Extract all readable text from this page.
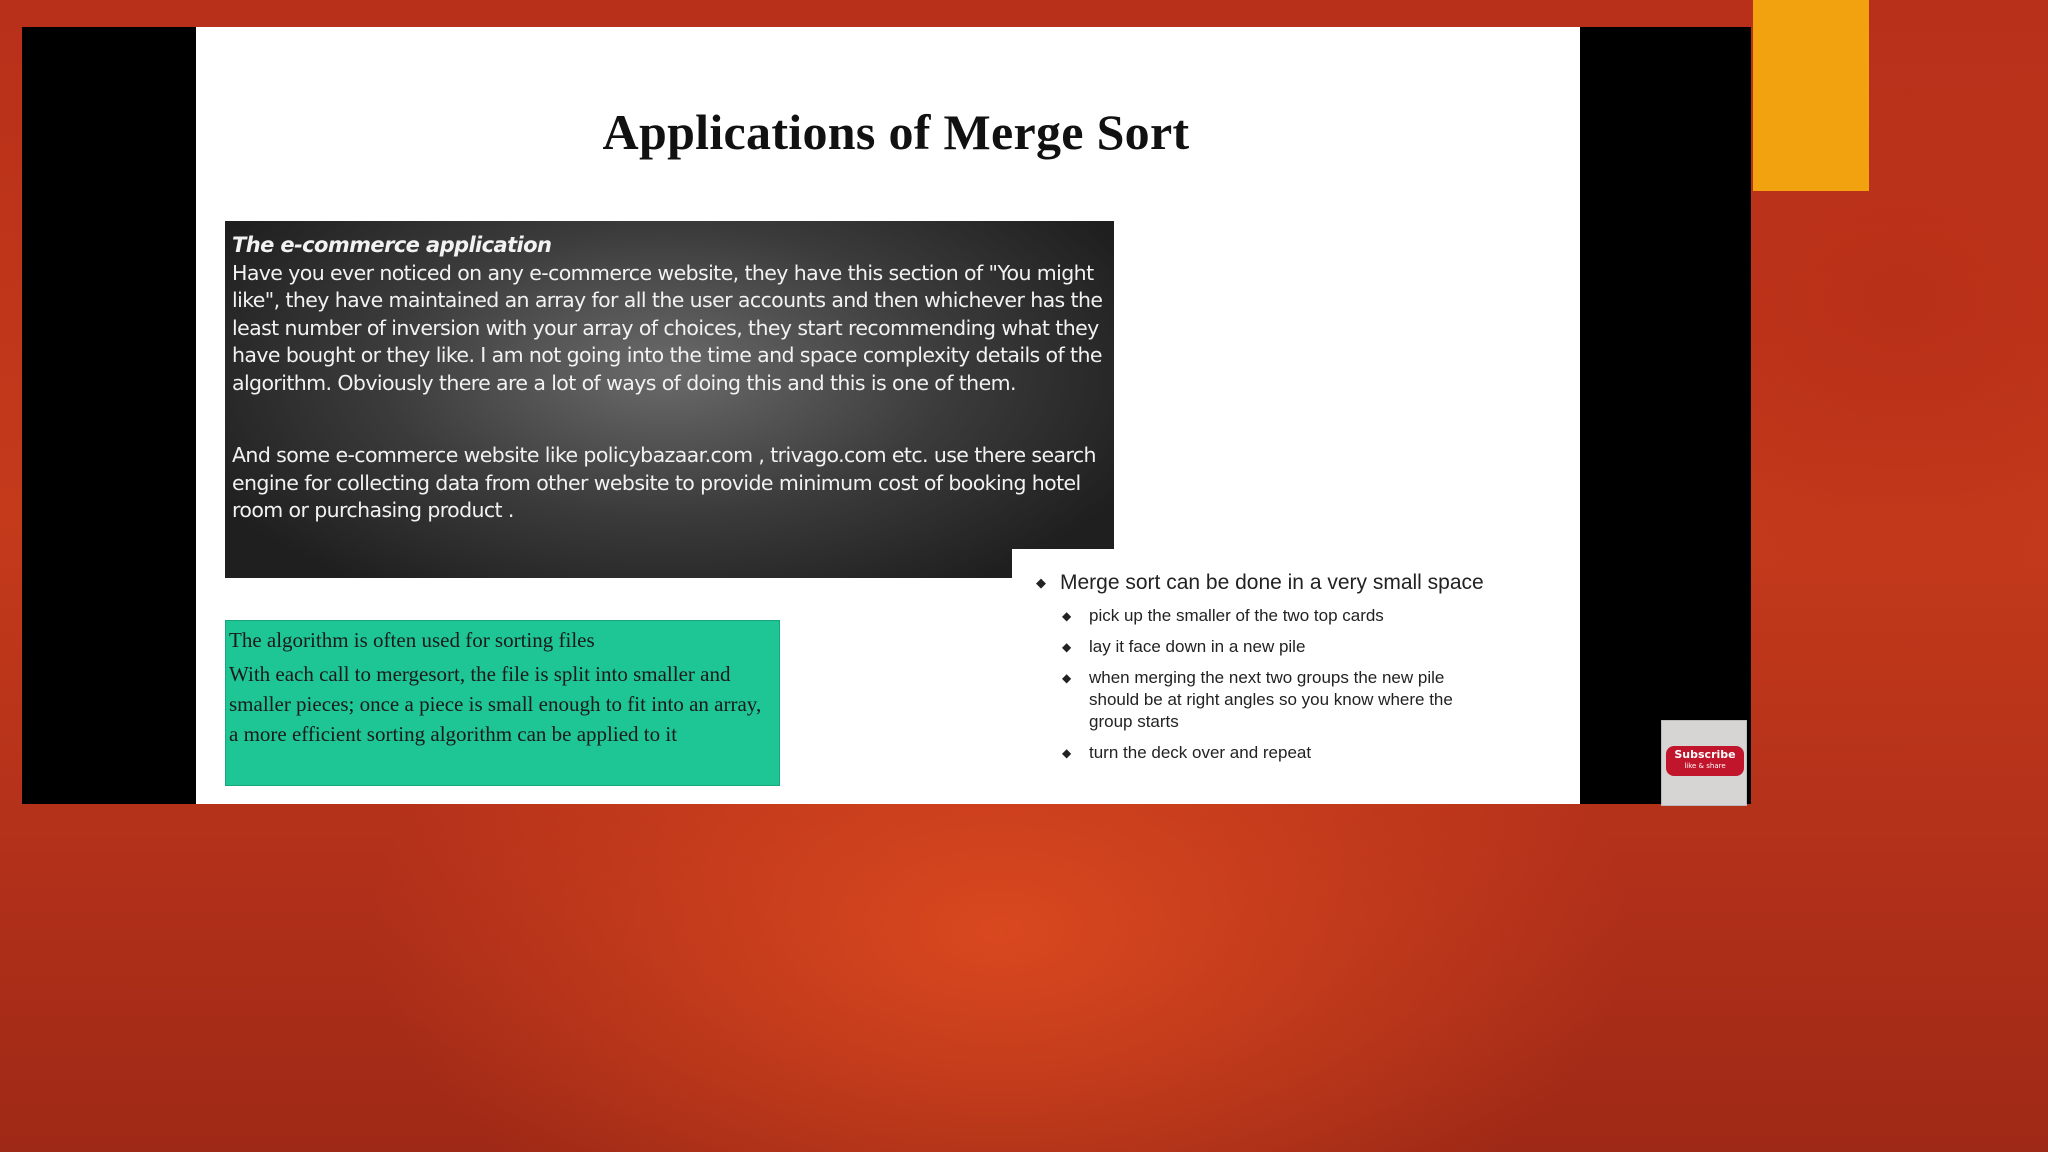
Applications of Merge Sort
The e-commerce application

Have you ever noticed on any e-commerce website, they have this section of "You might like", they have maintained an array for all the user accounts and then whichever has the least number of inversion with your array of choices, they start recommending what they have bought or they like. I am not going into the time and space complexity details of the algorithm. Obviously there are a lot of ways of doing this and this is one of them.

And some e-commerce website like policybazaar.com , trivago.com etc. use there search engine for collecting data from other website to provide minimum cost of booking hotel room or purchasing product .

The algorithm is often used for sorting files

With each call to mergesort, the file is split into smaller and smaller pieces; once a piece is small enough to fit into an array, a more efficient sorting algorithm can be applied to it

◆ Merge sort can be done in a very small space
◆ pick up the smaller of the two top cards
◆ lay it face down in a new pile
◆ when merging the next two groups the new pile should be at right angles so you know where the group starts
◆ turn the deck over and repeat	Subscribe
like & share
